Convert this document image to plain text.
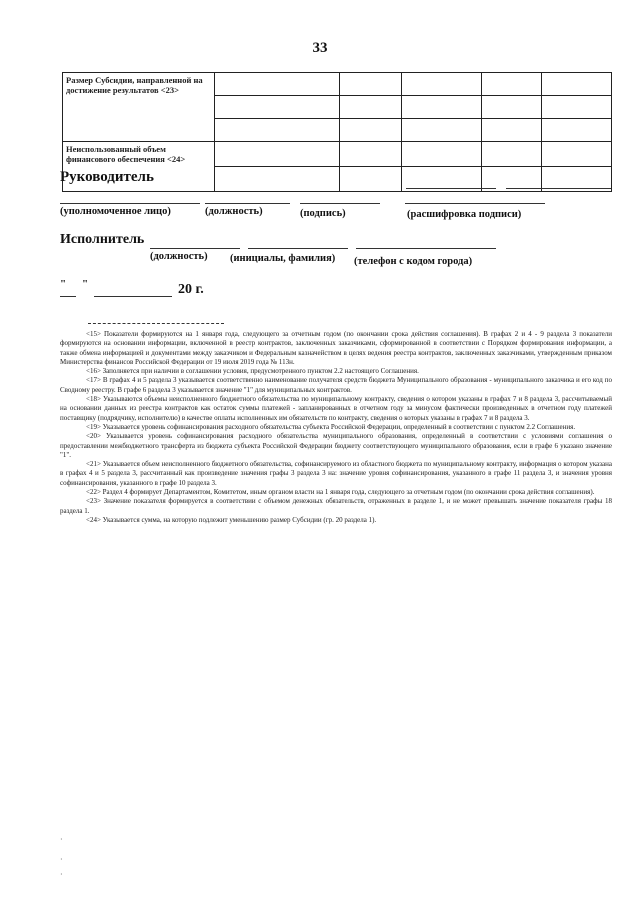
33
Размер Субсидии, направленной на достижение результатов <23>					

Неиспользованный объем финансового обеспечения <24>					

Руководитель
(уполномоченное лицо)	(должность)	(подпись)	(расшифровка подписи)
Исполнитель
(должность) (инициалы, фамилия) (телефон с кодом города)
" "	20 г.

<15> Показатели формируются на 1 января года, следующего за отчетным годом (по окончании срока действия соглашения). В графах 2 и 4 - 9 раздела 3 показатели формируются на основании информации, включенной в реестр контрактов, заключенных заказчиками, сформированной в соответствии с Порядком формирования информации, а также обмена информацией и документами между заказчиком и Федеральным казначейством в целях ведения реестра контрактов, заключенных заказчиками, утвержденным приказом Министерства финансов Российской Федерации от 19 июля 2019 года № 113н.

<16> Заполняется при наличии в соглашении условия, предусмотренного пунктом 2.2 настоящего Соглашения.

<17> В графах 4 и 5 раздела 3 указывается соответственно наименование получателя средств бюджета Муниципального образования - муниципального заказчика и его код по Сводному реестру. В графе 6 раздела 3 указывается значение "1" для муниципальных контрактов.

<18> Указываются объемы неисполненного бюджетного обязательства по муниципальному контракту, сведения о котором указаны в графах 7 и 8 раздела 3, рассчитываемый на основании данных из реестра контрактов как остаток суммы платежей - запланированных в отчетном году за минусом фактически произведенных в отчетном году платежей поставщику (подрядчику, исполнителю) в качестве оплаты исполненных им обязательств по контракту, сведения о которых указаны в графах 7 и 8 раздела 3.

<19> Указывается уровень софинансирования расходного обязательства субъекта Российской Федерации, определенный в соответствии с пунктом 2.2 Соглашения.

<20> Указывается уровень софинансирования расходного обязательства муниципального образования, определенный в соответствии с условиями соглашения о предоставлении межбюджетного трансферта из бюджета субъекта Российской Федерации бюджету соответствующего муниципального образования, если в графе 6 указано значение "1".

<21> Указывается объем неисполненного бюджетного обязательства, софинансируемого из областного бюджета по муниципальному контракту, информация о котором указана в графах 4 и 5 раздела 3, рассчитанный как произведение значения графы 3 раздела 3 на: значение уровня софинансирования, указанного в графе 11 раздела 3, и значения уровня софинансирования, указанного в графе 10 раздела 3.

<22> Раздел 4 формирует Департаментом, Комитетом, иным органом власти на 1 января года, следующего за отчетным годом (по окончании срока действия соглашения).

<23> Значение показателя формируется в соответствии с объемом денежных обязательств, отраженных в разделе 1, и не может превышать значение показателя графы 18 раздела 1.

<24> Указывается сумма, на которую подлежит уменьшению размер Субсидии (гр. 20 раздела 1).

·
·
·
